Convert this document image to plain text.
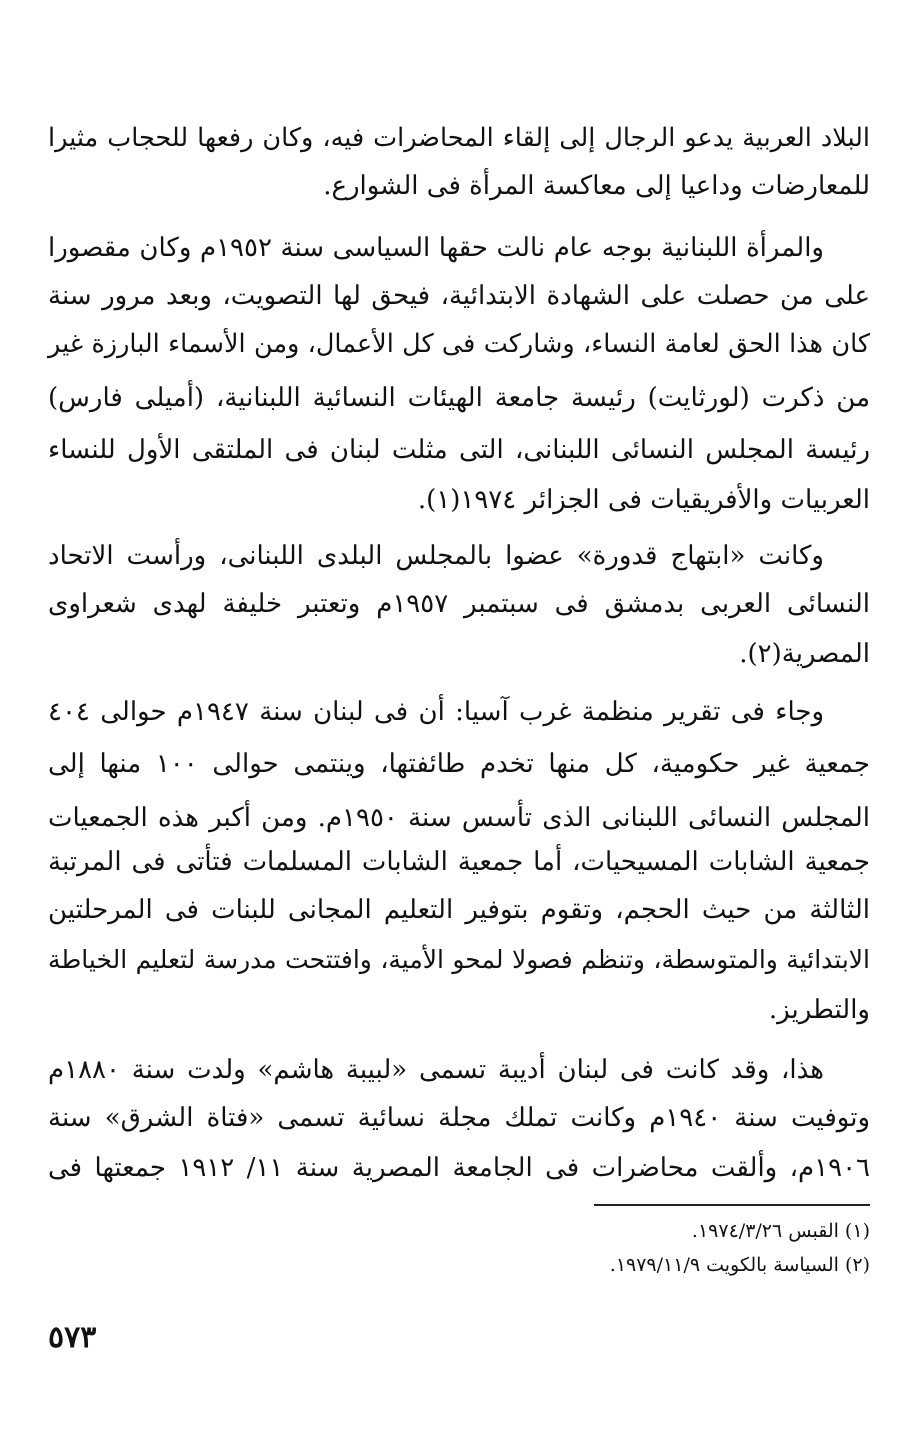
البلاد العربية يدعو الرجال إلى إلقاء المحاضرات فيه، وكان رفعها للحجاب مثيرا
للمعارضات وداعيا إلى معاكسة المرأة فى الشوارع.
والمرأة اللبنانية بوجه عام نالت حقها السياسى سنة ١٩٥٢م وكان مقصورا
على من حصلت على الشهادة الابتدائية، فيحق لها التصويت، وبعد مرور سنة
كان هذا الحق لعامة النساء، وشاركت فى كل الأعمال، ومن الأسماء البارزة غير
من ذكرت (لورثايت) رئيسة جامعة الهيئات النسائية اللبنانية، (أميلى فارس)
رئيسة المجلس النسائى اللبنانى، التى مثلت لبنان فى الملتقى الأول للنساء
العربيات والأفريقيات فى الجزائر ١٩٧٤(١).
وكانت «ابتهاج قدورة» عضوا بالمجلس البلدى اللبنانى، ورأست الاتحاد
النسائى العربى بدمشق فى سبتمبر ١٩٥٧م وتعتبر خليفة لهدى شعراوى
المصرية(٢).
وجاء فى تقرير منظمة غرب آسيا: أن فى لبنان سنة ١٩٤٧م حوالى ٤٠٤
جمعية غير حكومية، كل منها تخدم طائفتها، وينتمى حوالى ١٠٠ منها إلى
المجلس النسائى اللبنانى الذى تأسس سنة ١٩٥٠م. ومن أكبر هذه الجمعيات
جمعية الشابات المسيحيات، أما جمعية الشابات المسلمات فتأتى فى المرتبة
الثالثة من حيث الحجم، وتقوم بتوفير التعليم المجانى للبنات فى المرحلتين
الابتدائية والمتوسطة، وتنظم فصولا لمحو الأمية، وافتتحت مدرسة لتعليم الخياطة
والتطريز.
هذا، وقد كانت فى لبنان أديبة تسمى «لبيبة هاشم» ولدت سنة ١٨٨٠م
وتوفيت سنة ١٩٤٠م وكانت تملك مجلة نسائية تسمى «فتاة الشرق» سنة
١٩٠٦م، وألقت محاضرات فى الجامعة المصرية سنة ١١/ ١٩١٢ جمعتها فى
(١) القبس ١٩٧٤/٣/٢٦.
(٢) السياسة بالكويت ١٩٧٩/١١/٩.
٥٧٣
